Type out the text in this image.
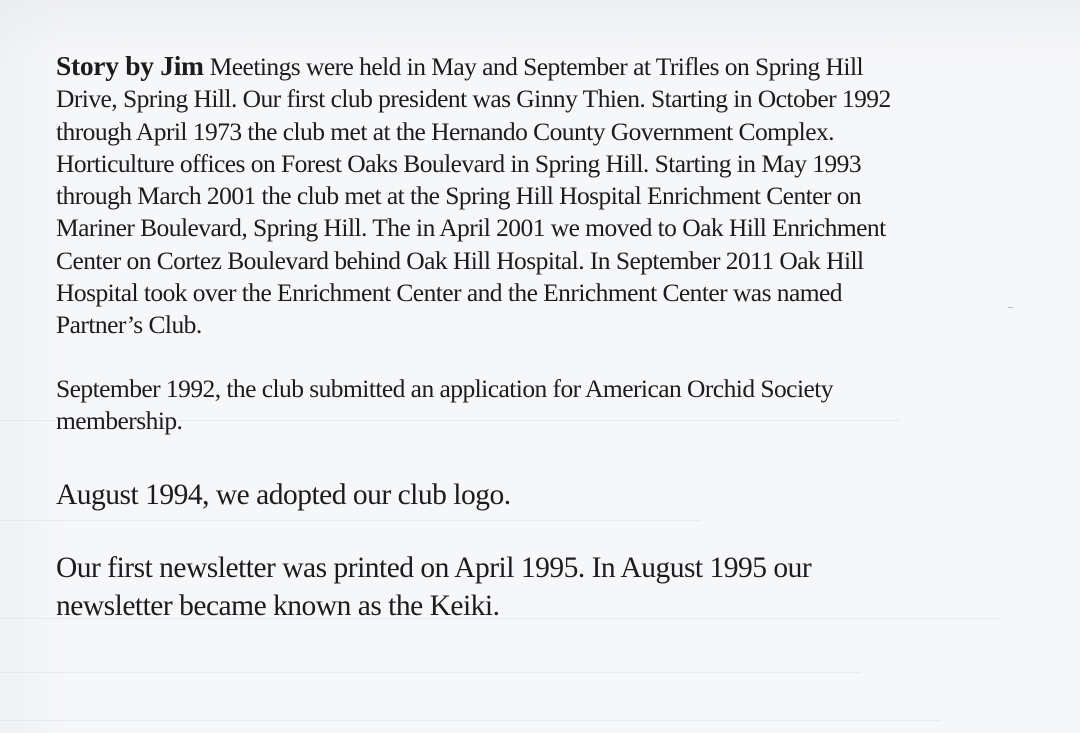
Story by Jim Meetings were held in May and September at Trifles on Spring Hill
Drive, Spring Hill. Our first club president was Ginny Thien. Starting in October 1992
through April 1973 the club met at the Hernando County Government Complex.
Horticulture offices on Forest Oaks Boulevard in Spring Hill. Starting in May 1993
through March 2001 the club met at the Spring Hill Hospital Enrichment Center on
Mariner Boulevard, Spring Hill. The in April 2001 we moved to Oak Hill Enrichment
Center on Cortez Boulevard behind Oak Hill Hospital. In September 2011 Oak Hill
Hospital took over the Enrichment Center and the Enrichment Center was named
Partner’s Club.

September 1992, the club submitted an application for American Orchid Society
membership.

August 1994, we adopted our club logo.

Our first newsletter was printed on April 1995. In August 1995 our
newsletter became known as the Keiki.

–
